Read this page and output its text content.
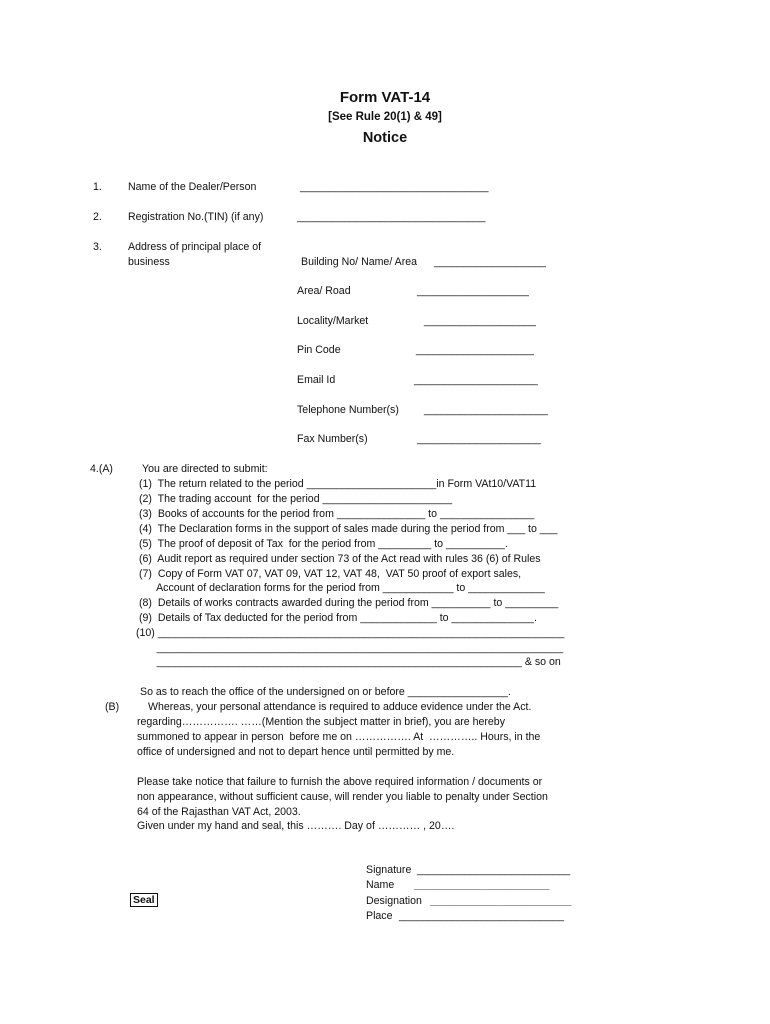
Form VAT-14
[See Rule 20(1) & 49]
Notice
1. Name of the Dealer/Person	________________________________
2. Registration No.(TIN) (if any)	________________________________
3. Address of principal place of
business	Building No/ Name/ Area ___________________
Area/ Road	___________________
Locality/Market	___________________
Pin Code	____________________
Email Id	_____________________
Telephone Number(s) _____________________
Fax Number(s)	_____________________
4.(A)	You are directed to submit:
(1)  The return related to the period ______________________in Form VAt10/VAT11
(2)  The trading account  for the period ______________________
(3)  Books of accounts for the period from _______________ to ________________
(4)  The Declaration forms in the support of sales made during the period from ___ to ___
(5)  The proof of deposit of Tax  for the period from _________ to __________.
(6)  Audit report as required under section 73 of the Act read with rules 36 (6) of Rules
(7)  Copy of Form VAT 07, VAT 09, VAT 12, VAT 48,  VAT 50 proof of export sales,
Account of declaration forms for the period from ____________ to _____________
(8)  Details of works contracts awarded during the period from __________ to _________
(9)  Details of Tax deducted for the period from _____________ to ______________.
(10) _____________________________________________________________________
_____________________________________________________________________
______________________________________________________________ & so on
So as to reach the office of the undersigned on or before _________________.
(B)	Whereas, your personal attendance is required to adduce evidence under the Act.
regarding……………. ……(Mention the subject matter in brief), you are hereby
summoned to appear in person  before me on ……………. At  ………….. Hours, in the
office of undersigned and not to depart hence until permitted by me.
Please take notice that failure to furnish the above required information / documents or
non appearance, without sufficient cause, will render you liable to penalty under Section
64 of the Rajasthan VAT Act, 2003.
Given under my hand and seal, this ………. Day of ………… , 20….
Signature __________________________
Name _______________________
Designation ________________________
Place ____________________________
Seal
